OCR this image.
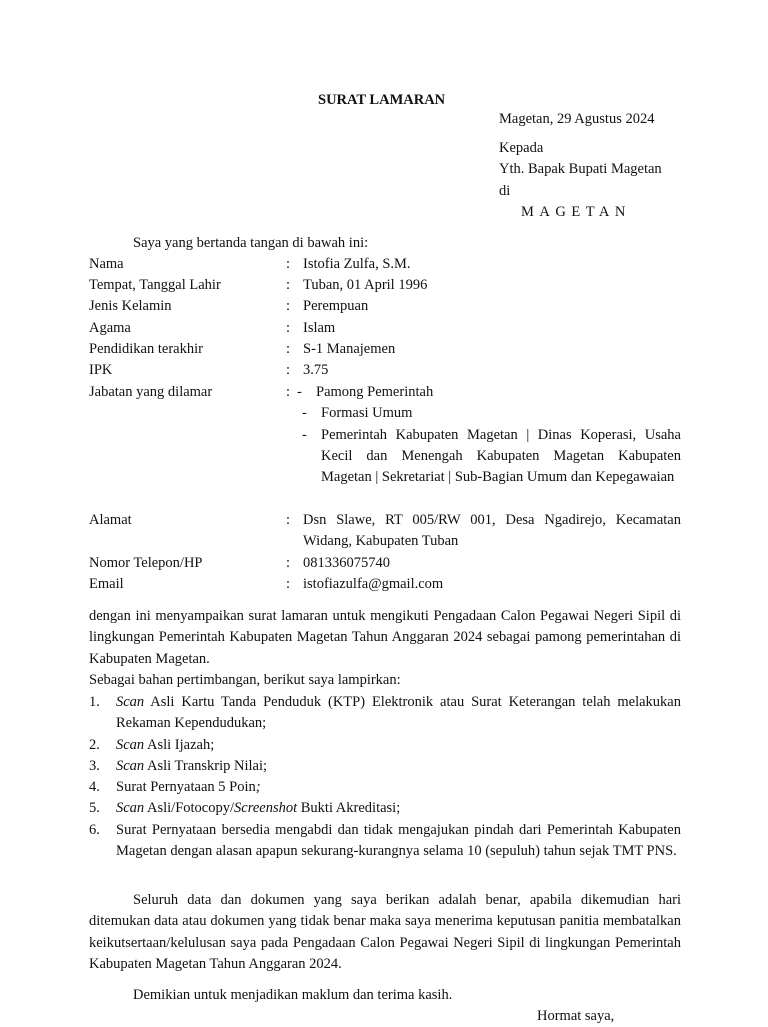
SURAT LAMARAN
Magetan, 29 Agustus 2024
Kepada
Yth. Bapak Bupati Magetan
di
MAGETAN
Saya yang bertanda tangan di bawah ini:
Nama	: Istofia Zulfa, S.M.
Tempat, Tanggal Lahir	: Tuban, 01 April 1996
Jenis Kelamin	: Perempuan
Agama	: Islam
Pendidikan terakhir	: S-1 Manajemen
IPK	: 3.75
Jabatan yang dilamar	: - Pamong Pemerintah
- Formasi Umum
- Pemerintah Kabupaten Magetan | Dinas Koperasi, Usaha Kecil dan Menengah Kabupaten Magetan Kabupaten Magetan | Sekretariat | Sub-Bagian Umum dan Kepegawaian
Alamat	: Dsn Slawe, RT 005/RW 001, Desa Ngadirejo, Kecamatan Widang, Kabupaten Tuban
Nomor Telepon/HP	: 081336075740
Email	: istofiazulfa@gmail.com
dengan ini menyampaikan surat lamaran untuk mengikuti Pengadaan Calon Pegawai Negeri Sipil di lingkungan Pemerintah Kabupaten Magetan Tahun Anggaran 2024 sebagai pamong pemerintahan di Kabupaten Magetan.
Sebagai bahan pertimbangan, berikut saya lampirkan:
1. Scan Asli Kartu Tanda Penduduk (KTP) Elektronik atau Surat Keterangan telah melakukan Rekaman Kependudukan;
2. Scan Asli Ijazah;
3. Scan Asli Transkrip Nilai;
4. Surat Pernyataan 5 Poin;
5. Scan Asli/Fotocopy/Screenshot Bukti Akreditasi;
6. Surat Pernyataan bersedia mengabdi dan tidak mengajukan pindah dari Pemerintah Kabupaten Magetan dengan alasan apapun sekurang-kurangnya selama 10 (sepuluh) tahun sejak TMT PNS.
Seluruh data dan dokumen yang saya berikan adalah benar, apabila dikemudian hari ditemukan data atau dokumen yang tidak benar maka saya menerima keputusan panitia membatalkan keikutsertaan/kelulusan saya pada Pengadaan Calon Pegawai Negeri Sipil di lingkungan Pemerintah Kabupaten Magetan Tahun Anggaran 2024.
Demikian untuk menjadikan maklum dan terima kasih.
Hormat saya,
